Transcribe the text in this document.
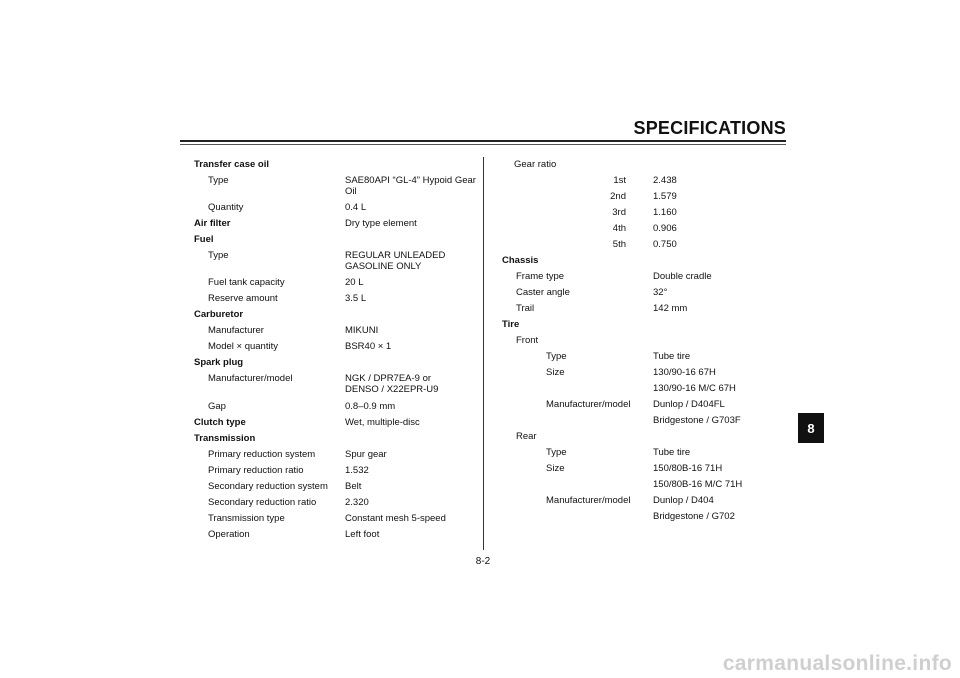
SPECIFICATIONS
8
8-2
Transfer case oil
Type	SAE80API “GL-4” Hypoid Gear
Oil
Quantity	0.4 L
Air filter	Dry type element
Fuel
Type	REGULAR UNLEADED
GASOLINE ONLY
Fuel tank capacity	20 L
Reserve amount	3.5 L
Carburetor
Manufacturer	MIKUNI
Model × quantity	BSR40 × 1
Spark plug
Manufacturer/model	NGK / DPR7EA-9 or
DENSO / X22EPR-U9
Gap	0.8–0.9 mm
Clutch type	Wet, multiple-disc
Transmission
Primary reduction system	Spur gear
Primary reduction ratio	1.532
Secondary reduction system Belt
Secondary reduction ratio	2.320
Transmission type	Constant mesh 5-speed
Operation	Left foot
Gear ratio
1st	2.438
2nd	1.579
3rd	1.160
4th	0.906
5th	0.750
Chassis
Frame type	Double cradle
Caster angle	32°
Trail	142 mm
Tire
Front
Type	Tube tire
Size	130/90-16 67H
130/90-16 M/C 67H
Manufacturer/model Dunlop / D404FL
Bridgestone / G703F
Rear
Type	Tube tire
Size	150/80B-16 71H
150/80B-16 M/C 71H
Manufacturer/model Dunlop / D404
Bridgestone / G702
carmanualsonline.info
